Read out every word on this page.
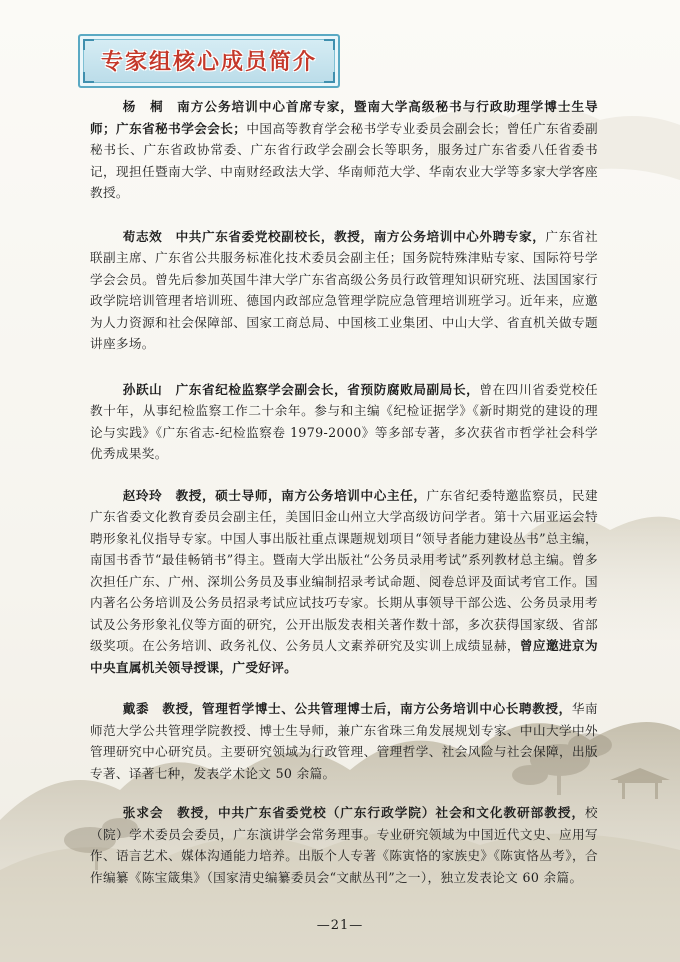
专家组核心成员简介

杨　桐　 南方公务培训中心首席专家，暨南大学高级秘书与行政助理学博士生导师；广东省秘书学会会长；中国高等教育学会秘书学专业委员会副会长；曾任广东省委副秘书长、广东省政协常委、广东省行政学会副会长等职务，服务过广东省委八任省委书记，现担任暨南大学、中南财经政法大学、华南师范大学、华南农业大学等多家大学客座教授。

荀志效　 中共广东省委党校副校长，教授，南方公务培训中心外聘专家，广东省社联副主席、广东省公共服务标准化技术委员会副主任；国务院特殊津贴专家、国际符号学学会会员。曾先后参加英国牛津大学广东省高级公务员行政管理知识研究班、法国国家行政学院培训管理者培训班、德国内政部应急管理学院应急管理培训班学习。近年来，应邀为人力资源和社会保障部、国家工商总局、中国核工业集团、中山大学、省直机关做专题讲座多场。

孙跃山　 广东省纪检监察学会副会长，省预防腐败局副局长，曾在四川省委党校任教十年，从事纪检监察工作二十余年。参与和主编《纪检证据学》《新时期党的建设的理论与实践》《广东省志-纪检监察卷 1979-2000》等多部专著，多次获省市哲学社会科学优秀成果奖。

赵玲玲　 教授，硕士导师，南方公务培训中心主任，广东省纪委特邀监察员，民建广东省委文化教育委员会副主任，美国旧金山州立大学高级访问学者。第十六届亚运会特聘形象礼仪指导专家。中国人事出版社重点课题规划项目“领导者能力建设丛书”总主编，南国书香节“最佳畅销书”得主。暨南大学出版社“公务员录用考试”系列教材总主编。曾多次担任广东、广州、深圳公务员及事业编制招录考试命题、阅卷总评及面试考官工作。国内著名公务培训及公务员招录考试应试技巧专家。长期从事领导干部公选、公务员录用考试及公务形象礼仪等方面的研究，公开出版发表相关著作数十部，多次获得国家级、省部级奖项。在公务培训、政务礼仪、公务员人文素养研究及实训上成绩显赫，曾应邀进京为中央直属机关领导授课，广受好评。

戴黍　 教授，管理哲学博士、公共管理博士后，南方公务培训中心长聘教授，华南师范大学公共管理学院教授、博士生导师，兼广东省珠三角发展规划专家、中山大学中外管理研究中心研究员。主要研究领域为行政管理、管理哲学、社会风险与社会保障，出版专著、译著七种，发表学术论文 50 余篇。

张求会　 教授，中共广东省委党校（广东行政学院）社会和文化教研部教授，校（院）学术委员会委员，广东演讲学会常务理事。专业研究领域为中国近代文史、应用写作、语言艺术、媒体沟通能力培养。出版个人专著《陈寅恪的家族史》《陈寅恪丛考》，合作编纂《陈宝箴集》（国家清史编纂委员会“文献丛刊”之一），独立发表论文 60 余篇。

—21—
